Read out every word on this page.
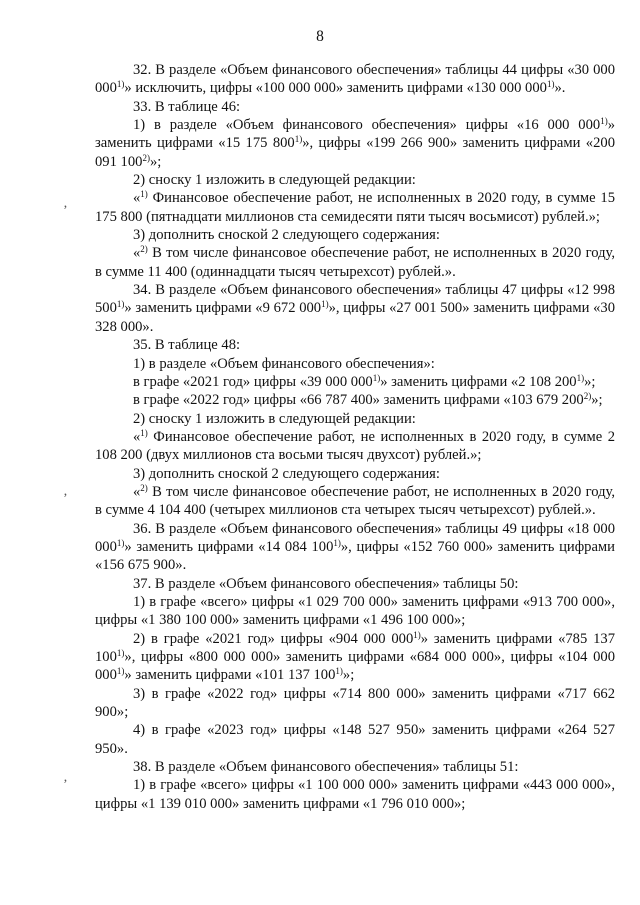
8
‚
‚
‚

32. В разделе «Объем финансового обеспечения» таблицы 44 цифры «30 000 000$^{1)}$» исключить, цифры «100 000 000» заменить цифрами «130 000 000$^{1)}$».

33. В таблице 46:

1) в разделе «Объем финансового обеспечения» цифры «16 000 000$^{1)}$» заменить цифрами «15 175 800$^{1)}$», цифры «199 266 900» заменить цифрами «200 091 100$^{2)}$»;

2) сноску 1 изложить в следующей редакции:

«$^{1)}$ Финансовое обеспечение работ, не исполненных в 2020 году, в сумме 15 175 800 (пятнадцати миллионов ста семидесяти пяти тысяч восьмисот) рублей.»;

3) дополнить сноской 2 следующего содержания:

«$^{2)}$ В том числе финансовое обеспечение работ, не исполненных в 2020 году, в сумме 11 400 (одиннадцати тысяч четырехсот) рублей.».

34. В разделе «Объем финансового обеспечения» таблицы 47 цифры «12 998 500$^{1)}$» заменить цифрами «9 672 000$^{1)}$», цифры «27 001 500» заменить цифрами «30 328 000».

35. В таблице 48:

1) в разделе «Объем финансового обеспечения»:

в графе «2021 год» цифры «39 000 000$^{1)}$» заменить цифрами «2 108 200$^{1)}$»;

в графе «2022 год» цифры «66 787 400» заменить цифрами «103 679 200$^{2)}$»;

2) сноску 1 изложить в следующей редакции:

«$^{1)}$ Финансовое обеспечение работ, не исполненных в 2020 году, в сумме 2 108 200 (двух миллионов ста восьми тысяч двухсот) рублей.»;

3) дополнить сноской 2 следующего содержания:

«$^{2)}$ В том числе финансовое обеспечение работ, не исполненных в 2020 году, в сумме 4 104 400 (четырех миллионов ста четырех тысяч четырехсот) рублей.».

36. В разделе «Объем финансового обеспечения» таблицы 49 цифры «18 000 000$^{1)}$» заменить цифрами «14 084 100$^{1)}$», цифры «152 760 000» заменить цифрами «156 675 900».

37. В разделе «Объем финансового обеспечения» таблицы 50:

1) в графе «всего» цифры «1 029 700 000» заменить цифрами «913 700 000», цифры «1 380 100 000» заменить цифрами «1 496 100 000»;

2) в графе «2021 год» цифры «904 000 000$^{1)}$» заменить цифрами «785 137 100$^{1)}$», цифры «800 000 000» заменить цифрами «684 000 000», цифры «104 000 000$^{1)}$» заменить цифрами «101 137 100$^{1)}$»;

3) в графе «2022 год» цифры «714 800 000» заменить цифрами «717 662 900»;

4) в графе «2023 год» цифры «148 527 950» заменить цифрами «264 527 950».

38. В разделе «Объем финансового обеспечения» таблицы 51:

1) в графе «всего» цифры «1 100 000 000» заменить цифрами «443 000 000», цифры «1 139 010 000» заменить цифрами «1 796 010 000»;
